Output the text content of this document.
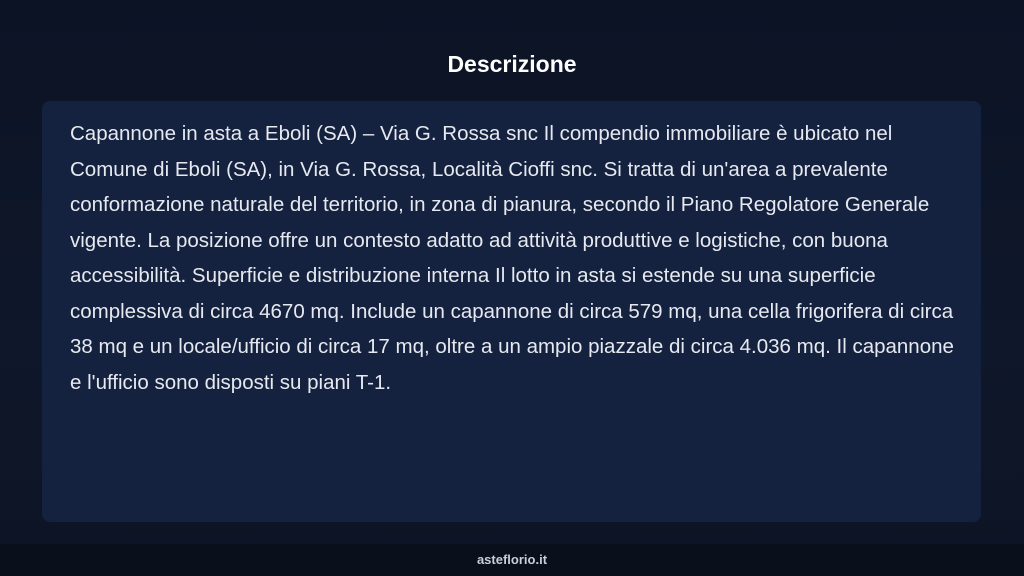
Descrizione

Capannone in asta a Eboli (SA) – Via G. Rossa snc Il compendio immobiliare è ubicato nel Comune di Eboli (SA), in Via G. Rossa, Località Cioffi snc. Si tratta di un'area a prevalente conformazione naturale del territorio, in zona di pianura, secondo il Piano Regolatore Generale vigente. La posizione offre un contesto adatto ad attività produttive e logistiche, con buona accessibilità. Superficie e distribuzione interna Il lotto in asta si estende su una superficie complessiva di circa 4670 mq. Include un capannone di circa 579 mq, una cella frigorifera di circa 38 mq e un locale/ufficio di circa 17 mq, oltre a un ampio piazzale di circa 4.036 mq. Il capannone e l'ufficio sono disposti su piani T-1.

asteflorio.it
